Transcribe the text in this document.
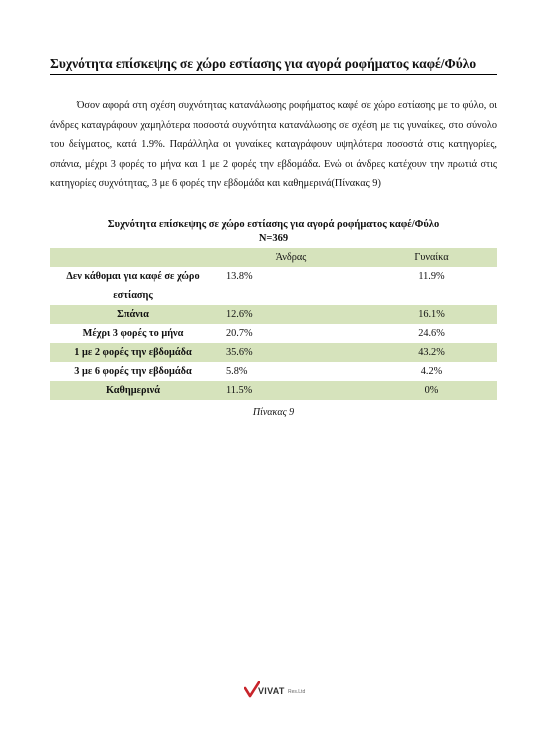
Συχνότητα επίσκεψης σε χώρο εστίασης για αγορά ροφήματος καφέ/Φύλο

Όσον αφορά στη σχέση συχνότητας κατανάλωσης ροφήματος καφέ σε χώρο εστίασης με το φύλο, οι άνδρες καταγράφουν χαμηλότερα ποσοστά συχνότητα κατανάλωσης σε σχέση με τις γυναίκες, στο σύνολο του δείγματος, κατά 1.9%. Παράλληλα οι γυναίκες καταγράφουν υψηλότερα ποσοστά στις κατηγορίες, σπάνια, μέχρι 3 φορές το μήνα και 1 με 2 φορές την εβδομάδα. Ενώ οι άνδρες κατέχουν την πρωτιά στις κατηγορίες συχνότητας, 3 με 6 φορές την εβδομάδα και καθημερινά(Πίνακας 9)

Συχνότητα επίσκεψης σε χώρο εστίασης για αγορά ροφήματος καφέ/Φύλο
N=369
	Άνδρας	Γυναίκα
Δεν κάθομαι για καφέ σε χώρο εστίασης	13.8%	11.9%
Σπάνια	12.6%	16.1%
Μέχρι 3 φορές το μήνα	20.7%	24.6%
1 με 2 φορές την εβδομάδα	35.6%	43.2%
3 με 6 φορές την εβδομάδα	5.8%	4.2%
Καθημερινά	11.5%	0%
Πίνακας 9
VIVAT Res.Ltd
